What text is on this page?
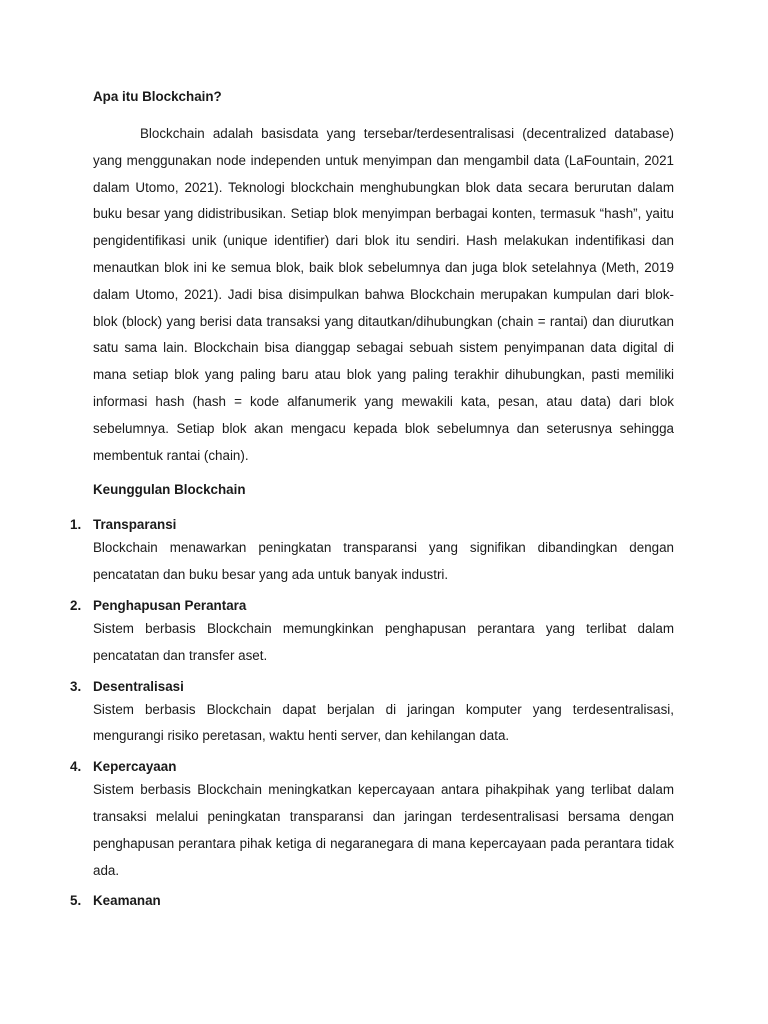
Apa itu Blockchain?

Blockchain adalah basisdata yang tersebar/terdesentralisasi (decentralized database) yang menggunakan node independen untuk menyimpan dan mengambil data (LaFountain, 2021 dalam Utomo, 2021). Teknologi blockchain menghubungkan blok data secara berurutan dalam buku besar yang didistribusikan. Setiap blok menyimpan berbagai konten, termasuk “hash”, yaitu pengidentifikasi unik (unique identifier) dari blok itu sendiri. Hash melakukan indentifikasi dan menautkan blok ini ke semua blok, baik blok sebelumnya dan juga blok setelahnya (Meth, 2019 dalam Utomo, 2021). Jadi bisa disimpulkan bahwa Blockchain merupakan kumpulan dari blok-blok (block) yang berisi data transaksi yang ditautkan/dihubungkan (chain = rantai) dan diurutkan satu sama lain. Blockchain bisa dianggap sebagai sebuah sistem penyimpanan data digital di mana setiap blok yang paling baru atau blok yang paling terakhir dihubungkan, pasti memiliki informasi hash (hash = kode alfanumerik yang mewakili kata, pesan, atau data) dari blok sebelumnya. Setiap blok akan mengacu kepada blok sebelumnya dan seterusnya sehingga membentuk rantai (chain).

Keunggulan Blockchain

1. Transparansi

Blockchain menawarkan peningkatan transparansi yang signifikan dibandingkan dengan pencatatan dan buku besar yang ada untuk banyak industri.

2. Penghapusan Perantara

Sistem berbasis Blockchain memungkinkan penghapusan perantara yang terlibat dalam pencatatan dan transfer aset.

3. Desentralisasi

Sistem berbasis Blockchain dapat berjalan di jaringan komputer yang terdesentralisasi, mengurangi risiko peretasan, waktu henti server, dan kehilangan data.

4. Kepercayaan

Sistem berbasis Blockchain meningkatkan kepercayaan antara pihakpihak yang terlibat dalam transaksi melalui peningkatan transparansi dan jaringan terdesentralisasi bersama dengan penghapusan perantara pihak ketiga di negaranegara di mana kepercayaan pada perantara tidak ada.

5. Keamanan
